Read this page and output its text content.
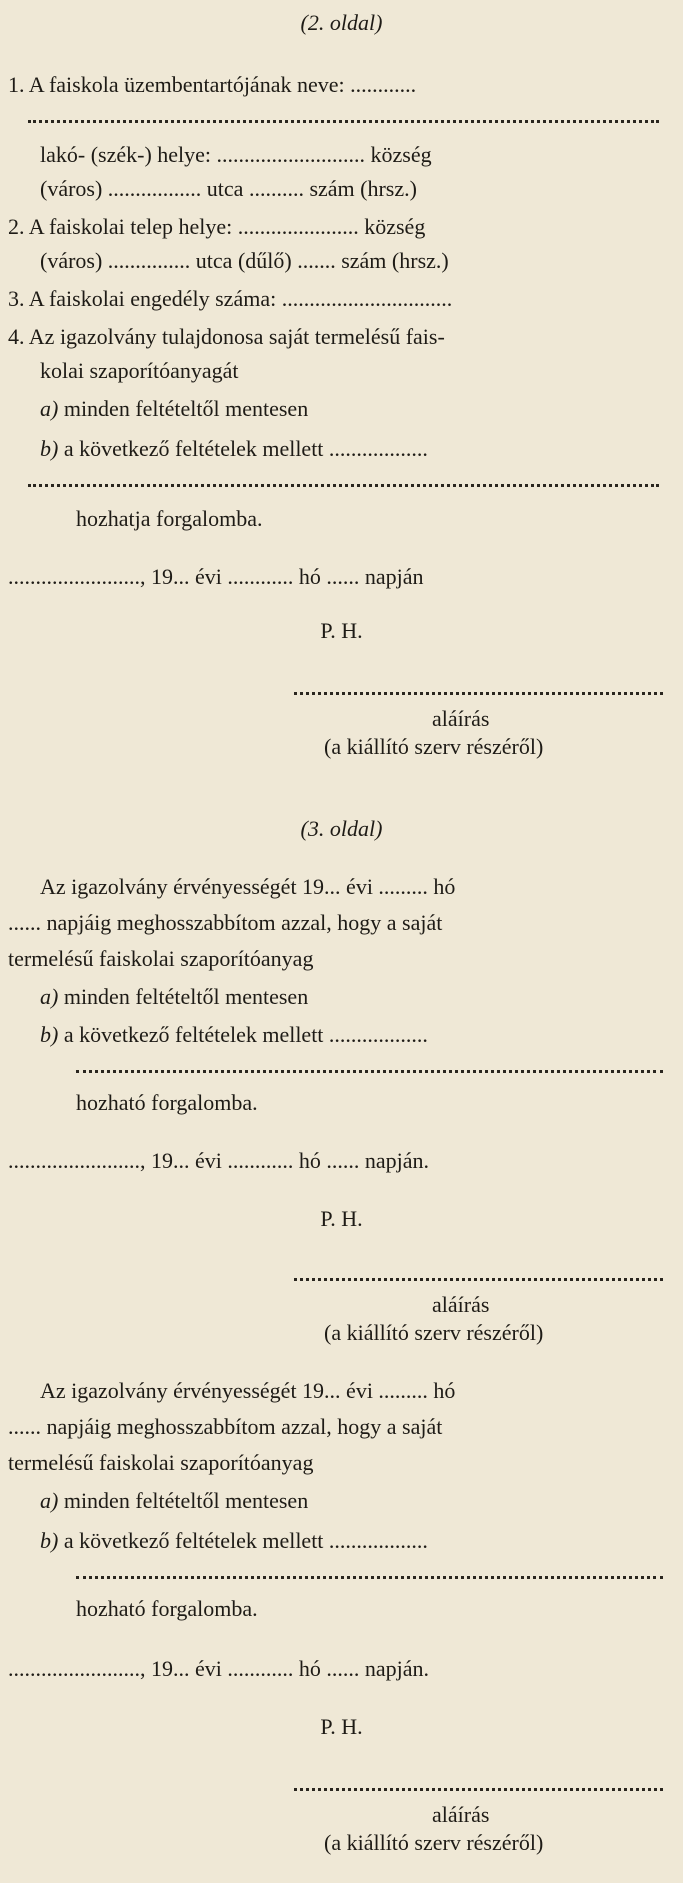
(2. oldal)
1. A faiskola üzembentartójának neve: ............
lakó- (szék-) helye: ........................... község
(város) ................. utca .......... szám (hrsz.)
2. A faiskolai telep helye: ...................... község
(város) ............... utca (dűlő) ....... szám (hrsz.)
3. A faiskolai engedély száma: ...............................
4. Az igazolvány tulajdonosa saját termelésű fais-
kolai szaporítóanyagát
a) minden feltételtől mentesen
b) a következő feltételek mellett ..................
hozhatja forgalomba.
........................, 19... évi ............ hó ...... napján
P. H.
aláírás
(a kiállító szerv részéről)
(3. oldal)
Az igazolvány érvényességét 19... évi ......... hó
...... napjáig meghosszabbítom azzal, hogy a saját
termelésű faiskolai szaporítóanyag
a) minden feltételtől mentesen
b) a következő feltételek mellett ..................
hozható forgalomba.
........................, 19... évi ............ hó ...... napján.
P. H.
aláírás
(a kiállító szerv részéről)
Az igazolvány érvényességét 19... évi ......... hó
...... napjáig meghosszabbítom azzal, hogy a saját
termelésű faiskolai szaporítóanyag
a) minden feltételtől mentesen
b) a következő feltételek mellett ..................
hozható forgalomba.
........................, 19... évi ............ hó ...... napján.
P. H.
aláírás
(a kiállító szerv részéről)
